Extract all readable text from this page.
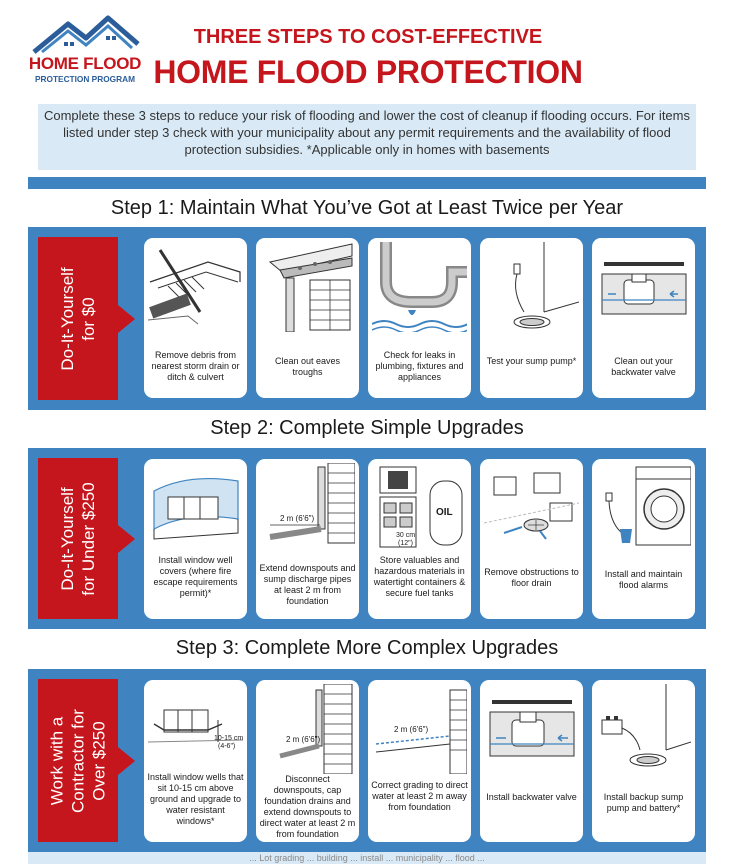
HOME FLOOD
PROTECTION PROGRAM
THREE STEPS TO COST-EFFECTIVE
HOME FLOOD PROTECTION
Complete these 3 steps to reduce your risk of flooding and lower the cost of cleanup if flooding occurs. For items listed under step 3 check with your municipality about any permit requirements and the availability of flood protection subsidies. *Applicable only in homes with basements
Step 1: Maintain What You’ve Got at Least Twice per Year
Do-It-Yourself for $0
Remove debris from nearest storm drain or ditch & culvert
Clean out eaves troughs
Check for leaks in plumbing, fixtures and appliances
Test your sump pump*	Clean out your backwater valve
Step 2: Complete Simple Upgrades
Do-It-Yourself for Under $250	Install window well covers (where fire escape requirements permit)*
2 m (6'6")
Extend downspouts and sump discharge pipes at least 2 m from foundation
OIL
30 cm
(12")
Store valuables and hazardous materials in watertight containers & secure fuel tanks
Remove obstructions to floor drain
Install and maintain flood alarms
Step 3: Complete More Complex Upgrades
Work with a Contractor for Over $250	10-15 cm
(4-6")
Install window wells that sit 10-15 cm above ground and upgrade to water resistant windows*
2 m (6'6")
Disconnect downspouts, cap foundation drains and extend downspouts to direct water at least 2 m from foundation
2 m (6'6")
Correct grading to direct water at least 2 m away from foundation
Install backwater valve	Install backup sump pump and battery*
... Lot grading ... building ... install ... municipality ... flood ...
